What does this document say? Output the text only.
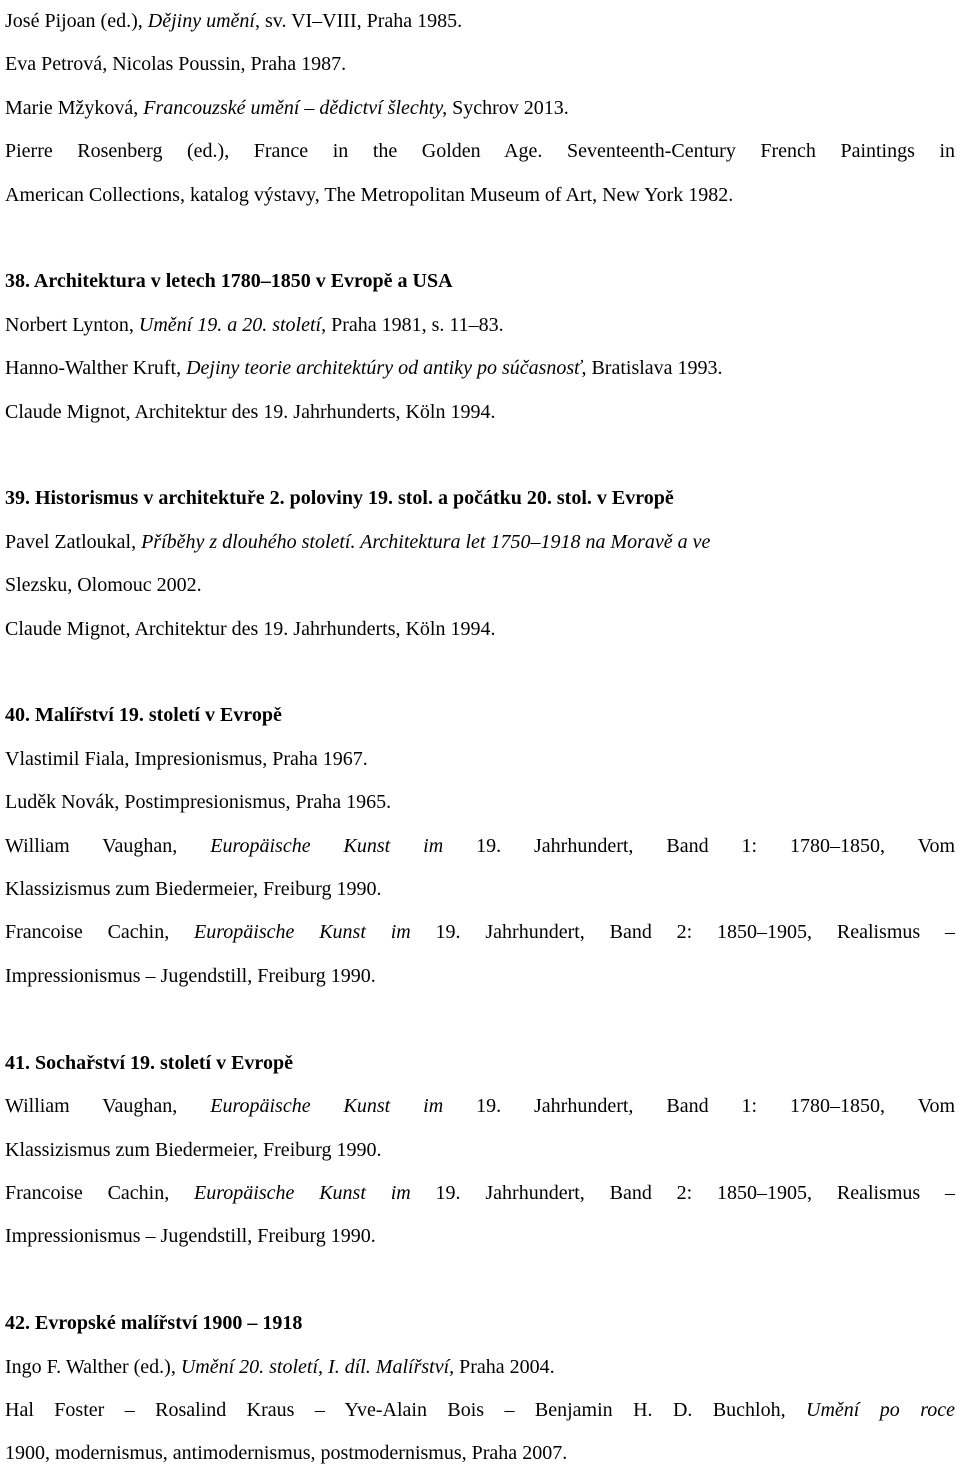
José Pijoan (ed.), Dějiny umění, sv. VI–VIII, Praha 1985.

Eva Petrová, Nicolas Poussin, Praha 1987.

Marie Mžyková, Francouzské umění – dědictví šlechty, Sychrov 2013.

Pierre Rosenberg (ed.), France in the Golden Age. Seventeenth-Century French Paintings in

American Collections, katalog výstavy, The Metropolitan Museum of Art, New York 1982.

38. Architektura v letech 1780–1850 v Evropě a USA

Norbert Lynton, Umění 19. a 20. století, Praha 1981, s. 11–83.

Hanno-Walther Kruft, Dejiny teorie architektúry od antiky po súčasnosť, Bratislava 1993.

Claude Mignot, Architektur des 19. Jahrhunderts, Köln 1994.

39. Historismus v architektuře 2. poloviny 19. stol. a počátku 20. stol. v Evropě

Pavel Zatloukal, Příběhy z dlouhého století. Architektura let 1750–1918 na Moravě a ve

Slezsku, Olomouc 2002.

Claude Mignot, Architektur des 19. Jahrhunderts, Köln 1994.

40. Malířství 19. století v Evropě

Vlastimil Fiala, Impresionismus, Praha 1967.

Luděk Novák, Postimpresionismus, Praha 1965.

William Vaughan, Europäische Kunst im 19. Jahrhundert, Band 1: 1780–1850, Vom

Klassizismus zum Biedermeier, Freiburg 1990.

Francoise Cachin, Europäische Kunst im 19. Jahrhundert, Band 2: 1850–1905, Realismus –

Impressionismus – Jugendstill, Freiburg 1990.

41. Sochařství 19. století v Evropě

William Vaughan, Europäische Kunst im 19. Jahrhundert, Band 1: 1780–1850, Vom

Klassizismus zum Biedermeier, Freiburg 1990.

Francoise Cachin, Europäische Kunst im 19. Jahrhundert, Band 2: 1850–1905, Realismus –

Impressionismus – Jugendstill, Freiburg 1990.

42. Evropské malířství 1900 – 1918

Ingo F. Walther (ed.), Umění 20. století, I. díl. Malířství, Praha 2004.

Hal Foster – Rosalind Kraus – Yve-Alain Bois – Benjamin H. D. Buchloh, Umění po roce

1900, modernismus, antimodernismus, postmodernismus, Praha 2007.
